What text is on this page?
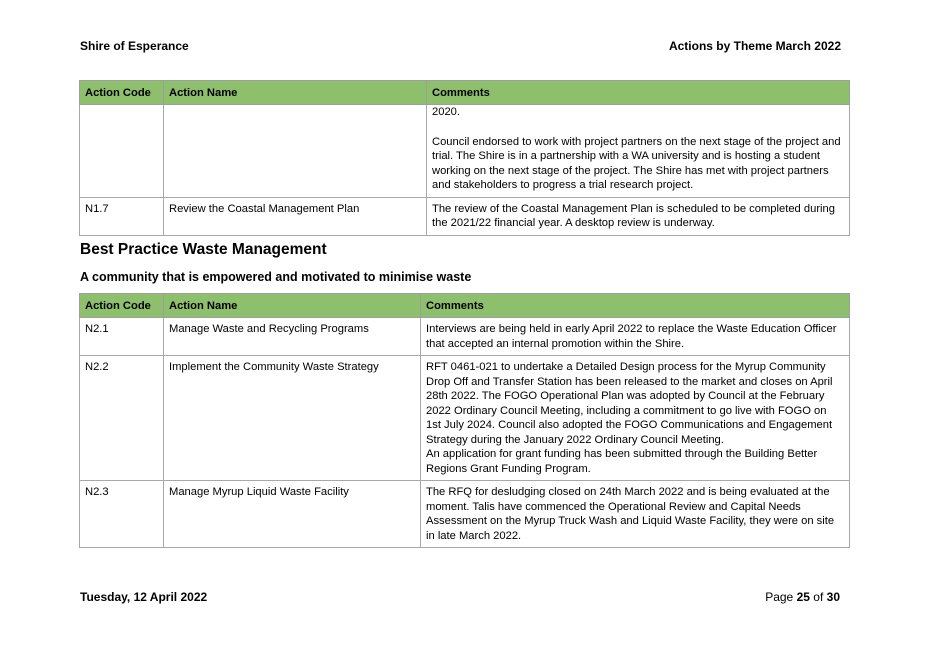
Shire of Esperance	Actions by Theme March 2022
Action Code	Action Name	Comments

		2020.

Council endorsed to work with project partners on the next stage of the project and trial. The Shire is in a partnership with a WA university and is hosting a student working on the next stage of the project. The Shire has met with project partners and stakeholders to progress a trial research project.

N1.7	Review the Coastal Management Plan	The review of the Coastal Management Plan is scheduled to be completed during the 2021/22 financial year. A desktop review is underway.
Best Practice Waste Management
A community that is empowered and motivated to minimise waste
Action Code	Action Name	Comments
N2.1	Manage Waste and Recycling Programs	Interviews are being held in early April 2022 to replace the Waste Education Officer that accepted an internal promotion within the Shire.
N2.2	Implement the Community Waste Strategy	RFT 0461-021 to undertake a Detailed Design process for the Myrup Community Drop Off and Transfer Station has been released to the market and closes on April 28th 2022. The FOGO Operational Plan was adopted by Council at the February 2022 Ordinary Council Meeting, including a commitment to go live with FOGO on 1st July 2024. Council also adopted the FOGO Communications and Engagement Strategy during the January 2022 Ordinary Council Meeting.

An application for grant funding has been submitted through the Building Better Regions Grant Funding Program.

N2.3	Manage Myrup Liquid Waste Facility	The RFQ for desludging closed on 24th March 2022 and is being evaluated at the moment. Talis have commenced the Operational Review and Capital Needs Assessment on the Myrup Truck Wash and Liquid Waste Facility, they were on site in late March 2022.
Tuesday, 12 April 2022	Page 25 of 30
